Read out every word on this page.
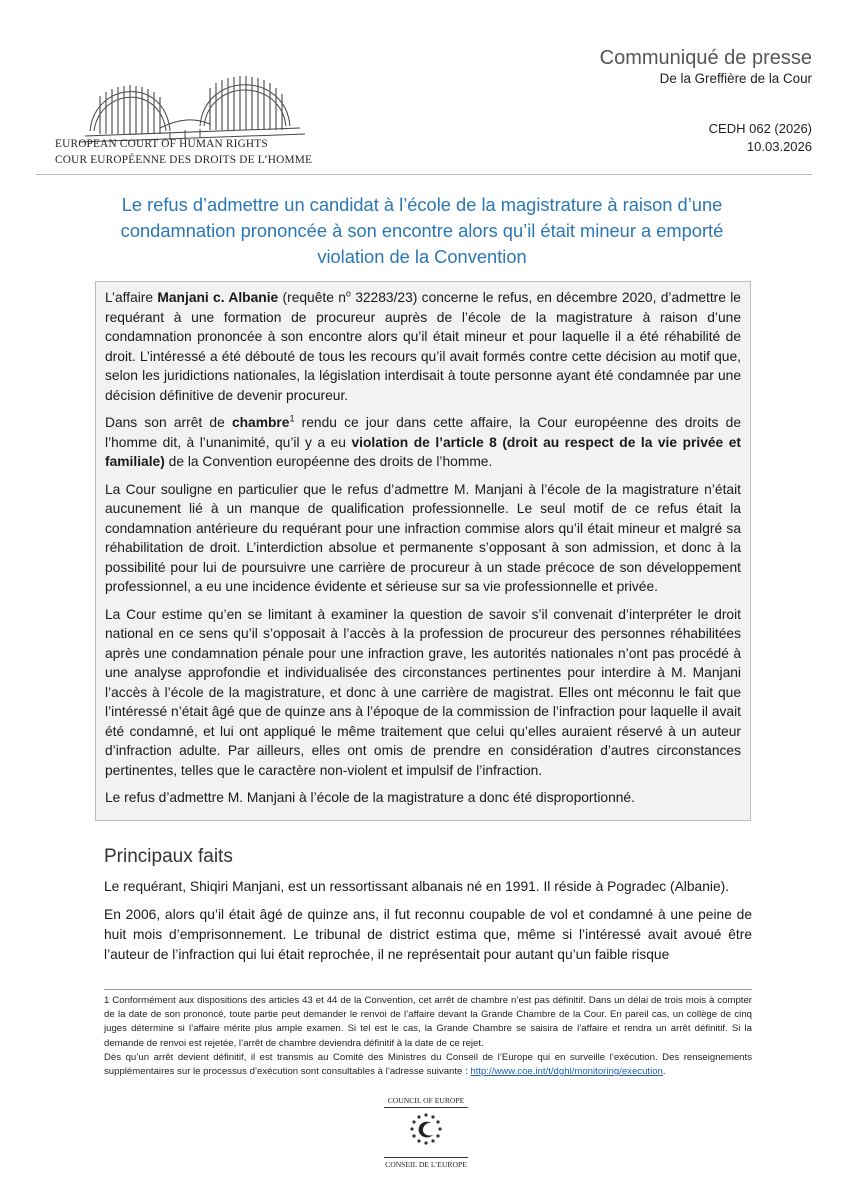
EUROPEAN COURT OF HUMAN RIGHTS
COUR EUROPÉENNE DES DROITS DE L’HOMME
Communiqué de presse
De la Greffière de la Cour
CEDH 062 (2026)
10.03.2026
Le refus d’admettre un candidat à l’école de la magistrature à raison d’une condamnation prononcée à son encontre alors qu’il était mineur a emporté violation de la Convention

L’affaire Manjani c. Albanie (requête $n^o$ 32283/23) concerne le refus, en décembre 2020, d’admettre le requérant à une formation de procureur auprès de l’école de la magistrature à raison d’une condamnation prononcée à son encontre alors qu’il était mineur et pour laquelle il a été réhabilité de droit. L’intéressé a été débouté de tous les recours qu’il avait formés contre cette décision au motif que, selon les juridictions nationales, la législation interdisait à toute personne ayant été condamnée par une décision définitive de devenir procureur.

Dans son arrêt de chambre$^1$ rendu ce jour dans cette affaire, la Cour européenne des droits de l’homme dit, à l’unanimité, qu’il y a eu violation de l’article 8 (droit au respect de la vie privée et familiale) de la Convention européenne des droits de l’homme.

La Cour souligne en particulier que le refus d’admettre M. Manjani à l’école de la magistrature n’était aucunement lié à un manque de qualification professionnelle. Le seul motif de ce refus était la condamnation antérieure du requérant pour une infraction commise alors qu’il était mineur et malgré sa réhabilitation de droit. L’interdiction absolue et permanente s’opposant à son admission, et donc à la possibilité pour lui de poursuivre une carrière de procureur à un stade précoce de son développement professionnel, a eu une incidence évidente et sérieuse sur sa vie professionnelle et privée.

La Cour estime qu’en se limitant à examiner la question de savoir s’il convenait d’interpréter le droit national en ce sens qu’il s’opposait à l’accès à la profession de procureur des personnes réhabilitées après une condamnation pénale pour une infraction grave, les autorités nationales n’ont pas procédé à une analyse approfondie et individualisée des circonstances pertinentes pour interdire à M. Manjani l’accès à l’école de la magistrature, et donc à une carrière de magistrat. Elles ont méconnu le fait que l’intéressé n’était âgé que de quinze ans à l’époque de la commission de l’infraction pour laquelle il avait été condamné, et lui ont appliqué le même traitement que celui qu’elles auraient réservé à un auteur d’infraction adulte. Par ailleurs, elles ont omis de prendre en considération d’autres circonstances pertinentes, telles que le caractère non-violent et impulsif de l’infraction.

Le refus d’admettre M. Manjani à l’école de la magistrature a donc été disproportionné.

Principaux faits

Le requérant, Shiqiri Manjani, est un ressortissant albanais né en 1991. Il réside à Pogradec (Albanie).

En 2006, alors qu’il était âgé de quinze ans, il fut reconnu coupable de vol et condamné à une peine de huit mois d’emprisonnement. Le tribunal de district estima que, même si l’intéressé avait avoué être l’auteur de l’infraction qui lui était reprochée, il ne représentait pour autant qu’un faible risque

1 Conformément aux dispositions des articles 43 et 44 de la Convention, cet arrêt de chambre n’est pas définitif. Dans un délai de trois mois à compter de la date de son prononcé, toute partie peut demander le renvoi de l’affaire devant la Grande Chambre de la Cour. En pareil cas, un collège de cinq juges détermine si l’affaire mérite plus ample examen. Si tel est le cas, la Grande Chambre se saisira de l’affaire et rendra un arrêt définitif. Si la demande de renvoi est rejetée, l’arrêt de chambre deviendra définitif à la date de ce rejet.

Dès qu’un arrêt devient définitif, il est transmis au Comité des Ministres du Conseil de l’Europe qui en surveille l’exécution. Des renseignements supplémentaires sur le processus d’exécution sont consultables à l’adresse suivante : http://www.coe.int/t/dghl/monitoring/execution.

COUNCIL OF EUROPE
CONSEIL DE L’EUROPE
